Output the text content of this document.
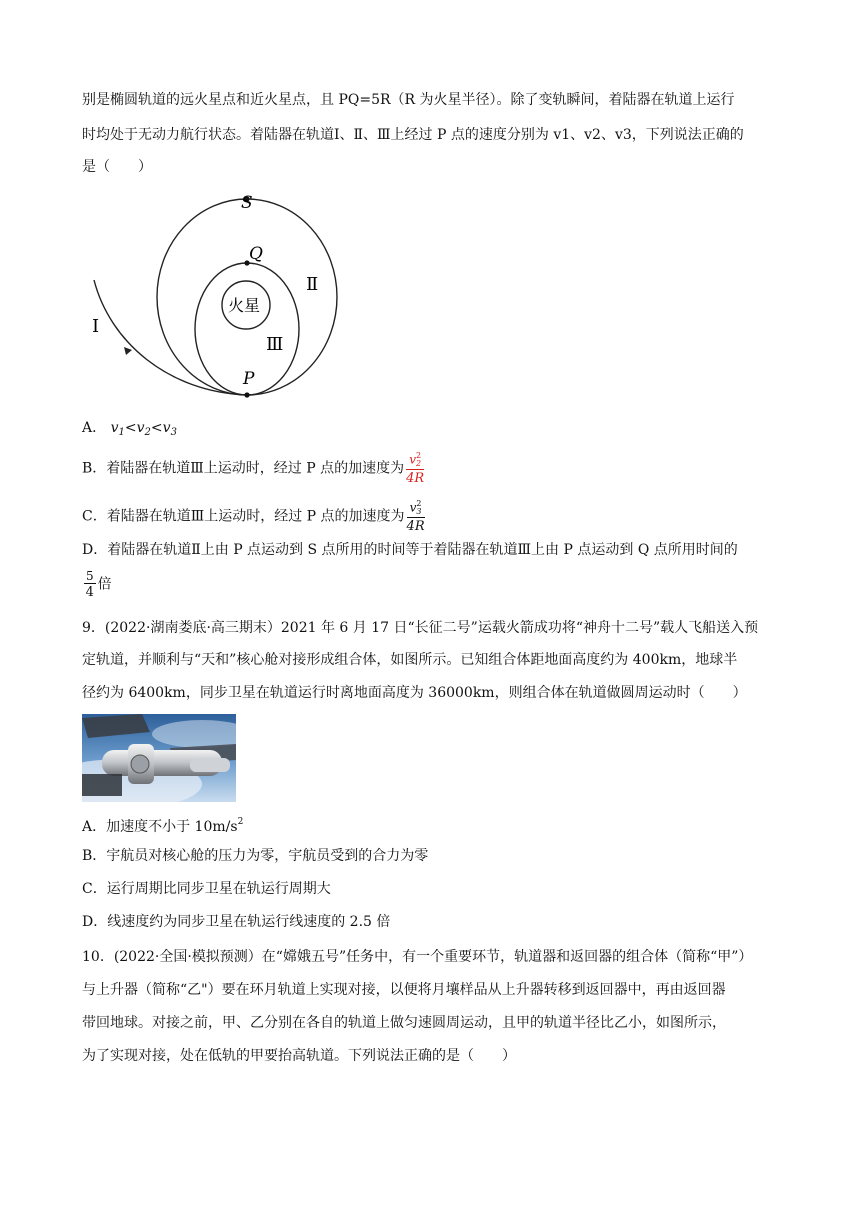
别是椭圆轨道的远火星点和近火星点，且 PQ=5R（R 为火星半径）。除了变轨瞬间，着陆器在轨道上运行
时均处于无动力航行状态。着陆器在轨道Ⅰ、Ⅱ、Ⅲ上经过 P 点的速度分别为 v1、v2、v3，下列说法正确的
是（　　）
S
Q
P
火星
Ⅰ
Ⅱ
Ⅲ
A． $v_1<v_2<v_3$
B．着陆器在轨道Ⅲ上运动时，经过 P 点的加速度为 v 2
2
4R
C．着陆器在轨道Ⅲ上运动时，经过 P 点的加速度为 v 2
3
4R
D．着陆器在轨道Ⅱ上由 P 点运动到 S 点所用的时间等于着陆器在轨道Ⅲ上由 P 点运动到 Q 点所用时间的
$\frac{5}{4}$ 倍
9．(2022·湖南娄底·高三期末）2021 年 6 月 17 日“长征二号”运载火箭成功将“神舟十二号”载人飞船送入预
定轨道，并顺利与“天和”核心舱对接形成组合体，如图所示。已知组合体距地面高度约为 400km，地球半
径约为 6400km，同步卫星在轨道运行时离地面高度为 36000km，则组合体在轨道做圆周运动时（　　）
A．加速度不小于 $10m/s^2$
B．宇航员对核心舱的压力为零，宇航员受到的合力为零
C．运行周期比同步卫星在轨运行周期大
D．线速度约为同步卫星在轨运行线速度的 2.5 倍
10．(2022·全国·模拟预测）在“嫦娥五号”任务中，有一个重要环节，轨道器和返回器的组合体（简称“甲”）
与上升器（简称“乙"）要在环月轨道上实现对接，以便将月壤样品从上升器转移到返回器中，再由返回器
带回地球。对接之前，甲、乙分别在各自的轨道上做匀速圆周运动，且甲的轨道半径比乙小，如图所示，
为了实现对接，处在低轨的甲要抬高轨道。下列说法正确的是（　　）
